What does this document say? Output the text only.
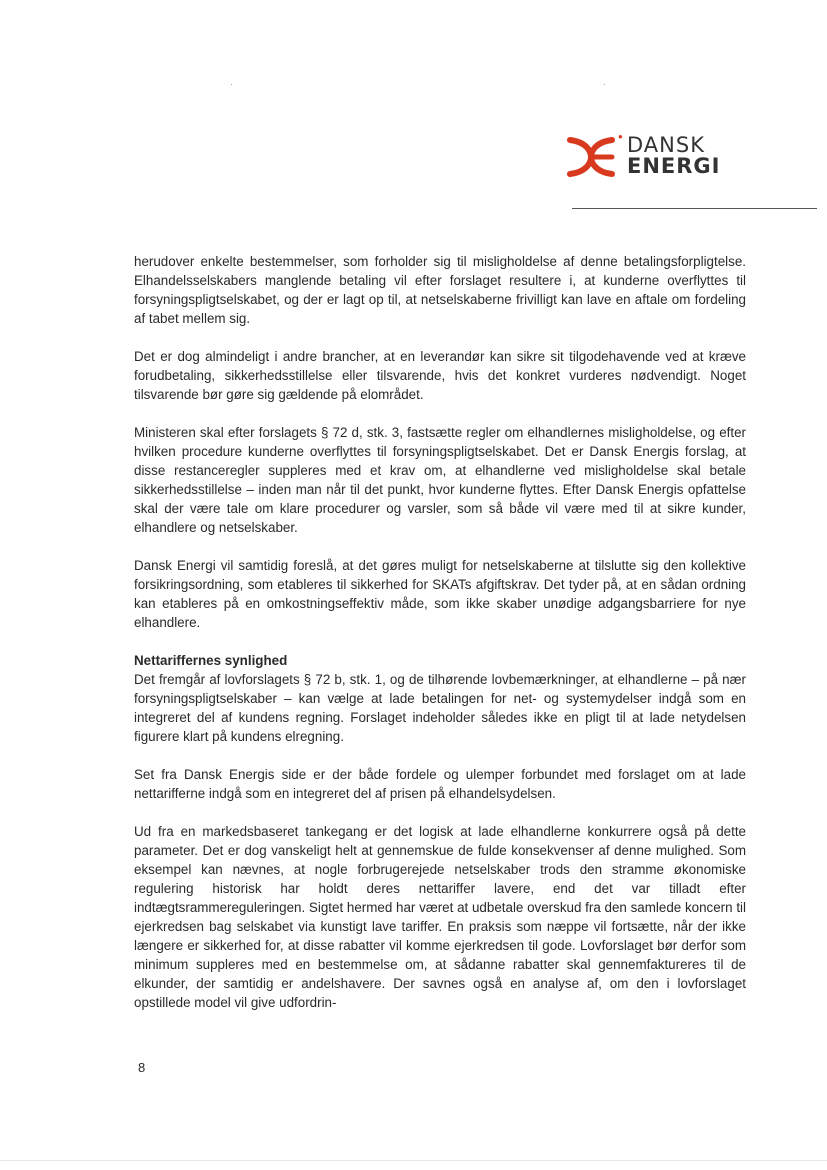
·	·
● DANSK
ENERGI

herudover enkelte bestemmelser, som forholder sig til misligholdelse af denne betalingsforpligtelse. Elhandelsselskabers manglende betaling vil efter forslaget resultere i, at kunderne overflyttes til forsyningspligtselskabet, og der er lagt op til, at netselskaberne frivilligt kan lave en aftale om fordeling af tabet mellem sig.

Det er dog almindeligt i andre brancher, at en leverandør kan sikre sit tilgodehavende ved at kræve forudbetaling, sikkerhedsstillelse eller tilsvarende, hvis det konkret vurderes nødvendigt. Noget tilsvarende bør gøre sig gældende på elområdet.

Ministeren skal efter forslagets § 72 d, stk. 3, fastsætte regler om elhandlernes misligholdelse, og efter hvilken procedure kunderne overflyttes til forsyningspligtselskabet. Det er Dansk Energis forslag, at disse restanceregler suppleres med et krav om, at elhandlerne ved misligholdelse skal betale sikkerhedsstillelse – inden man når til det punkt, hvor kunderne flyttes. Efter Dansk Energis opfattelse skal der være tale om klare procedurer og varsler, som så både vil være med til at sikre kunder, elhandlere og netselskaber.

Dansk Energi vil samtidig foreslå, at det gøres muligt for netselskaberne at tilslutte sig den kollektive forsikringsordning, som etableres til sikkerhed for SKATs afgiftskrav. Det tyder på, at en sådan ordning kan etableres på en omkostningseffektiv måde, som ikke skaber unødige adgangsbarriere for nye elhandlere.

Nettariffernes synlighed

Det fremgår af lovforslagets § 72 b, stk. 1, og de tilhørende lovbemærkninger, at elhandlerne – på nær forsyningspligtselskaber – kan vælge at lade betalingen for net- og systemydelser indgå som en integreret del af kundens regning. Forslaget indeholder således ikke en pligt til at lade netydelsen figurere klart på kundens elregning.

Set fra Dansk Energis side er der både fordele og ulemper forbundet med forslaget om at lade nettarifferne indgå som en integreret del af prisen på elhandelsydelsen.

Ud fra en markedsbaseret tankegang er det logisk at lade elhandlerne konkurrere også på dette parameter. Det er dog vanskeligt helt at gennemskue de fulde konsekvenser af denne mulighed. Som eksempel kan nævnes, at nogle forbrugerejede netselskaber trods den stramme økonomiske regulering historisk har holdt deres nettariffer lavere, end det var tilladt efter indtægtsrammereguleringen. Sigtet hermed har været at udbetale overskud fra den samlede koncern til ejerkredsen bag selskabet via kunstigt lave tariffer. En praksis som næppe vil fortsætte, når der ikke længere er sikkerhed for, at disse rabatter vil komme ejerkredsen til gode. Lovforslaget bør derfor som minimum suppleres med en bestemmelse om, at sådanne rabatter skal gennemfaktureres til de elkunder, der samtidig er andelshavere. Der savnes også en analyse af, om den i lovforslaget opstillede model vil give udfordrin-

8
